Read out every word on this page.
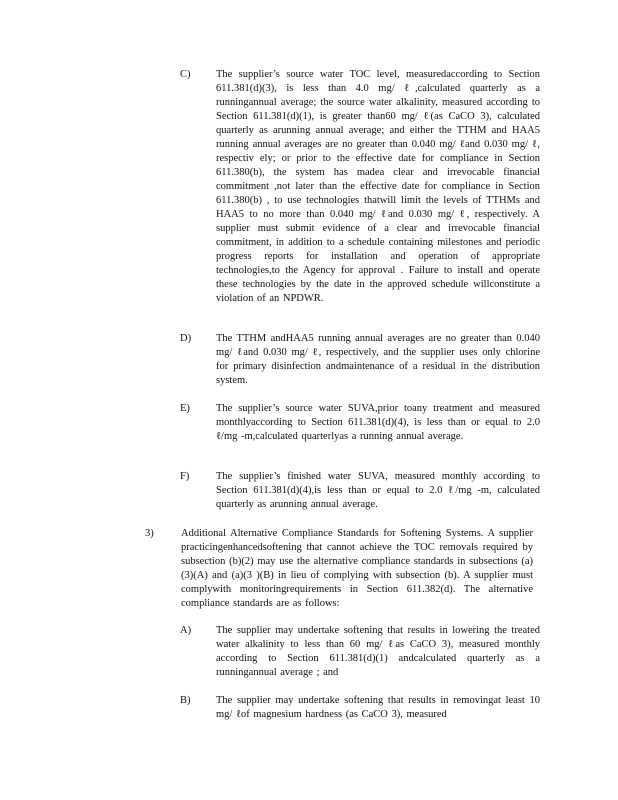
C) The supplier’s source water TOC level, measuredaccording to Section 611.381(d)(3), is less than 4.0 mg/ ℓ,calculated quarterly as a runningannual average; the source water alkalinity, measured according to Section 611.381(d)(1), is greater than60 mg/ ℓ(as CaCO 3), calculated quarterly as arunning annual average; and either the TTHM and HAA5 running annual averages are no greater than 0.040 mg/ ℓand 0.030 mg/ ℓ, respectiv ely; or prior to the effective date for compliance in Section 611.380(b), the system has madea clear and irrevocable financial commitment ,not later than the effective date for compliance in Section 611.380(b) , to use technologies thatwill limit the levels of TTHMs and HAA5 to no more than 0.040 mg/ ℓand 0.030 mg/ ℓ, respectively. A supplier must submit evidence of a clear and irrevocable financial commitment, in addition to a schedule containing milestones and periodic progress reports for installation and operation of appropriate technologies,to the Agency for approval . Failure to install and operate these technologies by the date in the approved schedule willconstitute a violation of an NPDWR.
D) The TTHM andHAA5 running annual averages are no greater than 0.040 mg/ ℓand 0.030 mg/ ℓ, respectively, and the supplier uses only chlorine for primary disinfection andmaintenance of a residual in the distribution system.
E) The supplier’s source water SUVA,prior toany treatment and measured monthlyaccording to Section 611.381(d)(4), is less than or equal to 2.0 ℓ/mg -m,calculated quarterlyas a running annual average.
F)	The supplier’s finished water SUVA, measured monthly according to Section 611.381(d)(4),is less than or equal to 2.0 ℓ/mg -m, calculated quarterly as arunning annual average.
3)	Additional Alternative Compliance Standards for Softening Systems. A supplier practicingenhancedsoftening that cannot achieve the TOC removals required by subsection (b)(2) may use the alternative compliance standards in subsections (a)(3)(A) and (a)(3 )(B) in lieu of complying with subsection (b). A supplier must complywith monitoringrequirements in Section 611.382(d). The alternative compliance standards are as follows:
A) The supplier may undertake softening that results in lowering the treated water alkalinity to less than 60 mg/ ℓas CaCO 3), measured monthly according to Section 611.381(d)(1) andcalculated quarterly as a runningannual average ; and
B) The supplier may undertake softening that results in removingat least 10 mg/ ℓof magnesium hardness (as CaCO 3), measured
